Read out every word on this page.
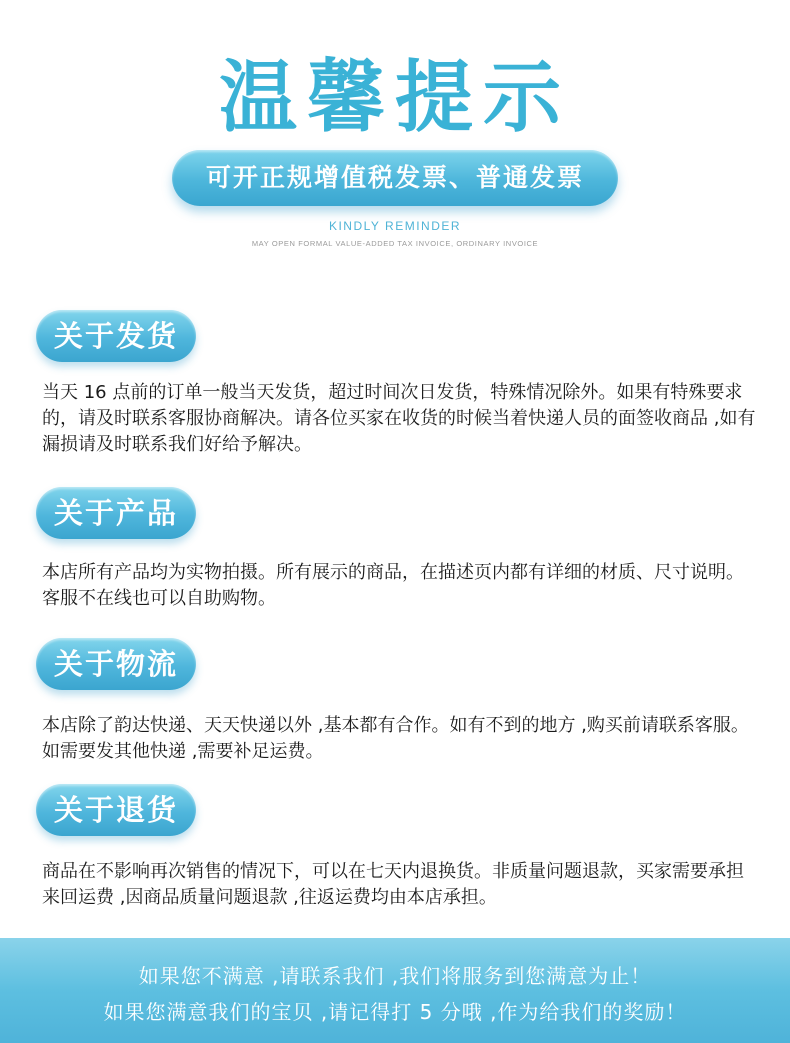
温馨提示
可开正规增值税发票、普通发票
KINDLY REMINDER
MAY OPEN FORMAL VALUE-ADDED TAX INVOICE, ORDINARY INVOICE
关于发货

当天 16 点前的订单一般当天发货，超过时间次日发货，特殊情况除外。如果有特殊要求的，请及时联系客服协商解决。请各位买家在收货的时候当着快递人员的面签收商品 ,如有漏损请及时联系我们好给予解决。

关于产品

本店所有产品均为实物拍摄。所有展示的商品，在描述页内都有详细的材质、尺寸说明。客服不在线也可以自助购物。

关于物流

本店除了韵达快递、天天快递以外 ,基本都有合作。如有不到的地方 ,购买前请联系客服。如需要发其他快递 ,需要补足运费。

关于退货

商品在不影响再次销售的情况下，可以在七天内退换货。非质量问题退款，买家需要承担来回运费 ,因商品质量问题退款 ,往返运费均由本店承担。

如果您不满意 ,请联系我们 ,我们将服务到您满意为止！
如果您满意我们的宝贝 ,请记得打 5 分哦 ,作为给我们的奖励！
